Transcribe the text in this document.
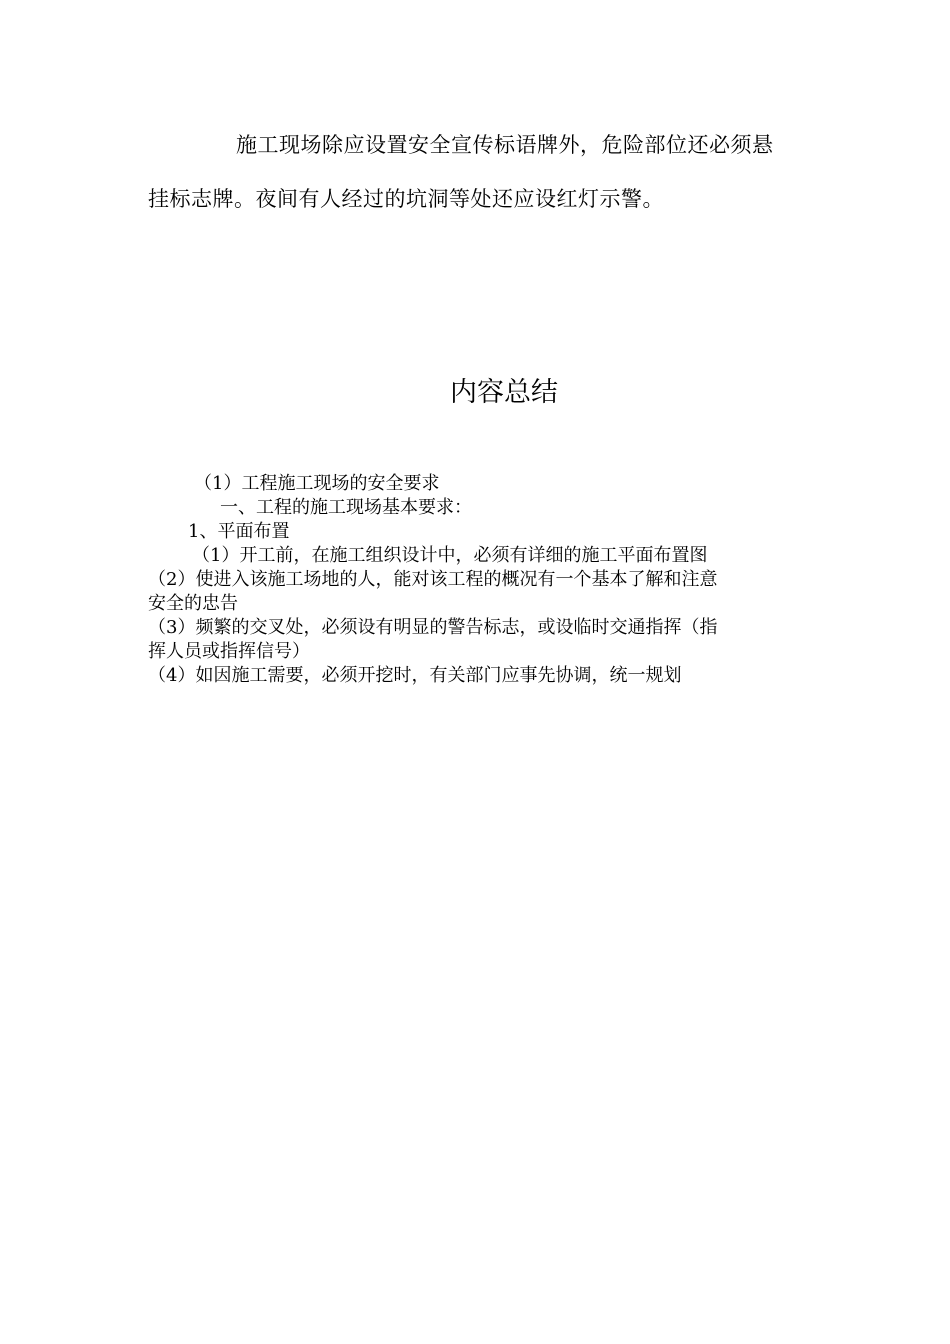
施工现场除应设置安全宣传标语牌外，危险部位还必须悬
挂标志牌。夜间有人经过的坑洞等处还应设红灯示警。

内容总结
（1）工程施工现场的安全要求
一、工程的施工现场基本要求：
1、平面布置
（1）开工前，在施工组织设计中，必须有详细的施工平面布置图
（2）使进入该施工场地的人，能对该工程的概况有一个基本了解和注意
安全的忠告
（3）频繁的交叉处，必须设有明显的警告标志，或设临时交通指挥（指
挥人员或指挥信号）
（4）如因施工需要，必须开挖时，有关部门应事先协调，统一规划
